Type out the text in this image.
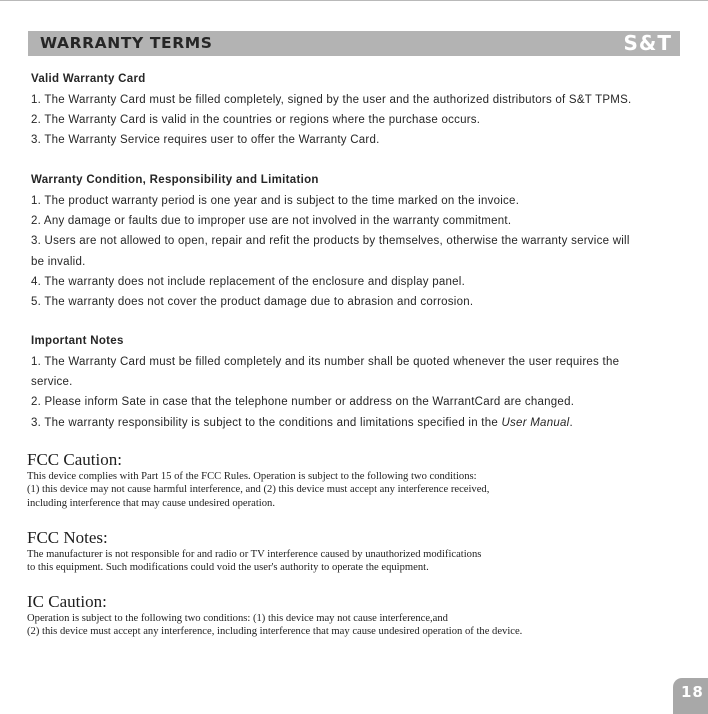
WARRANTY TERMS	S&T
Valid Warranty Card
1. The Warranty Card must be filled completely, signed by the user and the authorized distributors of S&T TPMS.
2. The Warranty Card is valid in the countries or regions where the purchase occurs.
3. The Warranty Service requires user to offer the Warranty Card.
Warranty Condition, Responsibility and Limitation
1. The product warranty period is one year and is subject to the time marked on the invoice.
2. Any damage or faults due to improper use are not involved in the warranty commitment.
3. Users are not allowed to open, repair and refit the products by themselves, otherwise the warranty service will
be invalid.
4. The warranty does not include replacement of the enclosure and display panel.
5. The warranty does not cover the product damage due to abrasion and corrosion.
Important Notes
1. The Warranty Card must be filled completely and its number shall be quoted whenever the user requires the
service.
2. Please inform Sate in case that the telephone number or address on the WarrantCard are changed.
3. The warranty responsibility is subject to the conditions and limitations specified in the User Manual.
FCC Caution:
This device complies with Part 15 of the FCC Rules. Operation is subject to the following two conditions:
(1) this device may not cause harmful interference, and (2) this device must accept any interference received,
including interference that may cause undesired operation.
FCC Notes:
The manufacturer is not responsible for and radio or TV interference caused by unauthorized modifications
to this equipment. Such modifications could void the user's authority to operate the equipment.
IC Caution:
Operation is subject to the following two conditions: (1) this device may not cause interference,and
(2) this device must accept any interference, including interference that may cause undesired operation of the device.
18
